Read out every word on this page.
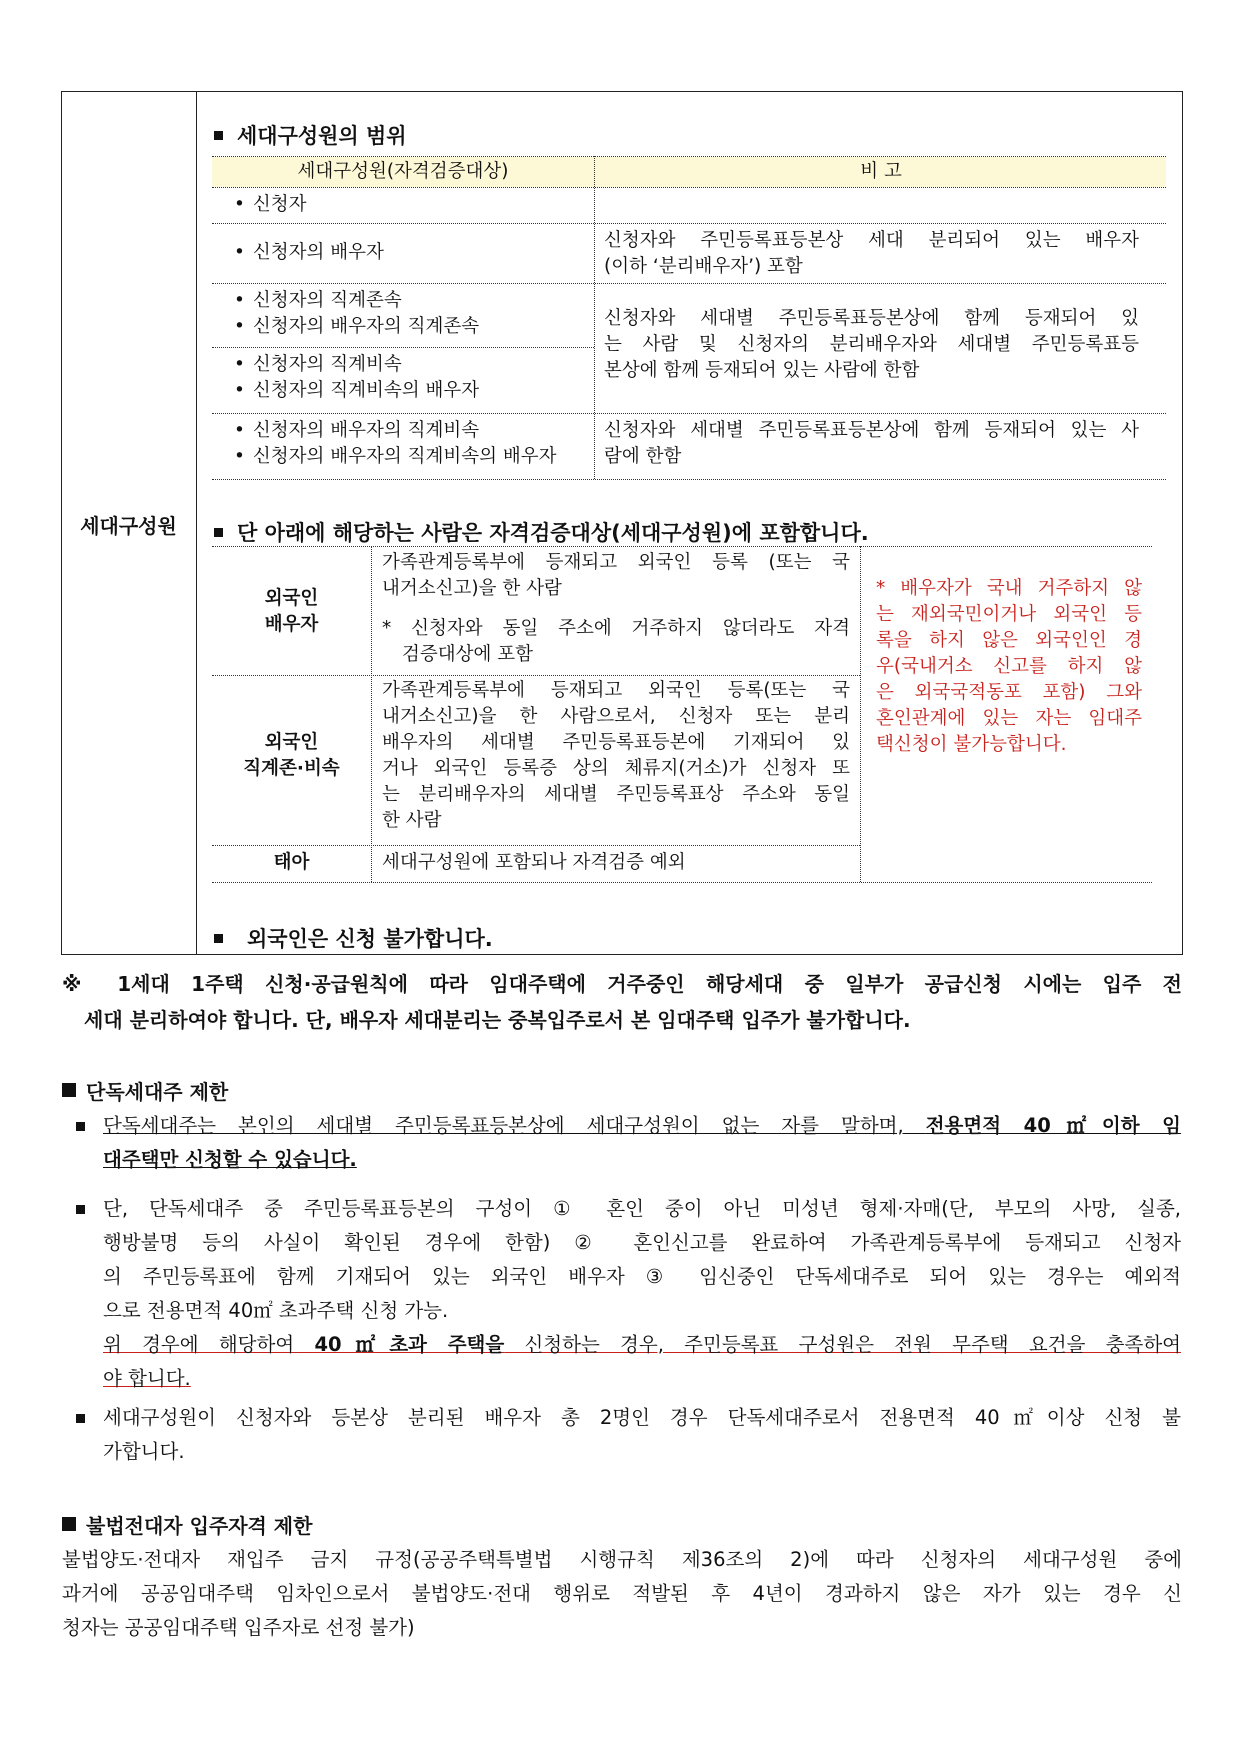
세대구성원
세대구성원의 범위
세대구성원(자격검증대상)	비 고
• 신청자
• 신청자의 배우자
신청자와 주민등록표등본상 세대 분리되어 있는 배우자
(이하 ‘분리배우자’) 포함
• 신청자의 직계존속
• 신청자의 배우자의 직계존속
• 신청자의 직계비속
• 신청자의 직계비속의 배우자
신청자와 세대별 주민등록표등본상에 함께 등재되어 있
는 사람 및 신청자의 분리배우자와 세대별 주민등록표등
본상에 함께 등재되어 있는 사람에 한함
• 신청자의 배우자의 직계비속
• 신청자의 배우자의 직계비속의 배우자
신청자와 세대별 주민등록표등본상에 함께 등재되어 있는 사
람에 한함
단 아래에 해당하는 사람은 자격검증대상(세대구성원)에 포함합니다.
외국인
배우자
가족관계등록부에 등재되고 외국인 등록 (또는 국
내거소신고)을 한 사람
* 신청자와 동일 주소에 거주하지 않더라도 자격
검증대상에 포함
외국인
직계존·비속
가족관계등록부에 등재되고 외국인 등록(또는 국
내거소신고)을 한 사람으로서, 신청자 또는 분리
배우자의 세대별 주민등록표등본에 기재되어 있
거나 외국인 등록증 상의 체류지(거소)가 신청자 또
는 분리배우자의 세대별 주민등록표상 주소와 동일
한 사람
태아	세대구성원에 포함되나 자격검증 예외
* 배우자가 국내 거주하지 않
는 재외국민이거나 외국인 등
록을 하지 않은 외국인인 경
우(국내거소 신고를 하지 않
은 외국국적동포 포함) 그와
혼인관계에 있는 자는 임대주
택신청이 불가능합니다.
외국인은 신청 불가합니다.
※ 1세대 1주택 신청·공급원칙에 따라 임대주택에 거주중인 해당세대 중 일부가 공급신청 시에는 입주 전
세대 분리하여야 합니다. 단, 배우자 세대분리는 중복입주로서 본 임대주택 입주가 불가합니다.
단독세대주 제한
단독세대주는 본인의 세대별 주민등록표등본상에 세대구성원이 없는 자를 말하며, 전용면적 40㎡이하 임
대주택만 신청할 수 있습니다.
단, 단독세대주 중 주민등록표등본의 구성이 ① 혼인 중이 아닌 미성년 형제·자매(단, 부모의 사망, 실종,
행방불명 등의 사실이 확인된 경우에 한함) ② 혼인신고를 완료하여 가족관계등록부에 등재되고 신청자
의 주민등록표에 함께 기재되어 있는 외국인 배우자 ③ 임신중인 단독세대주로 되어 있는 경우는 예외적
으로 전용면적 40㎡ 초과주택 신청 가능.
위 경우에 해당하여 40㎡초과 주택을 신청하는 경우, 주민등록표 구성원은 전원 무주택 요건을 충족하여
야 합니다.
세대구성원이 신청자와 등본상 분리된 배우자 총 2명인 경우 단독세대주로서 전용면적 40㎡이상 신청 불
가합니다.
불법전대자 입주자격 제한
불법양도·전대자 재입주 금지 규정(공공주택특별법 시행규칙 제36조의 2)에 따라 신청자의 세대구성원 중에
과거에 공공임대주택 임차인으로서 불법양도·전대 행위로 적발된 후 4년이 경과하지 않은 자가 있는 경우 신
청자는 공공임대주택 입주자로 선정 불가)
